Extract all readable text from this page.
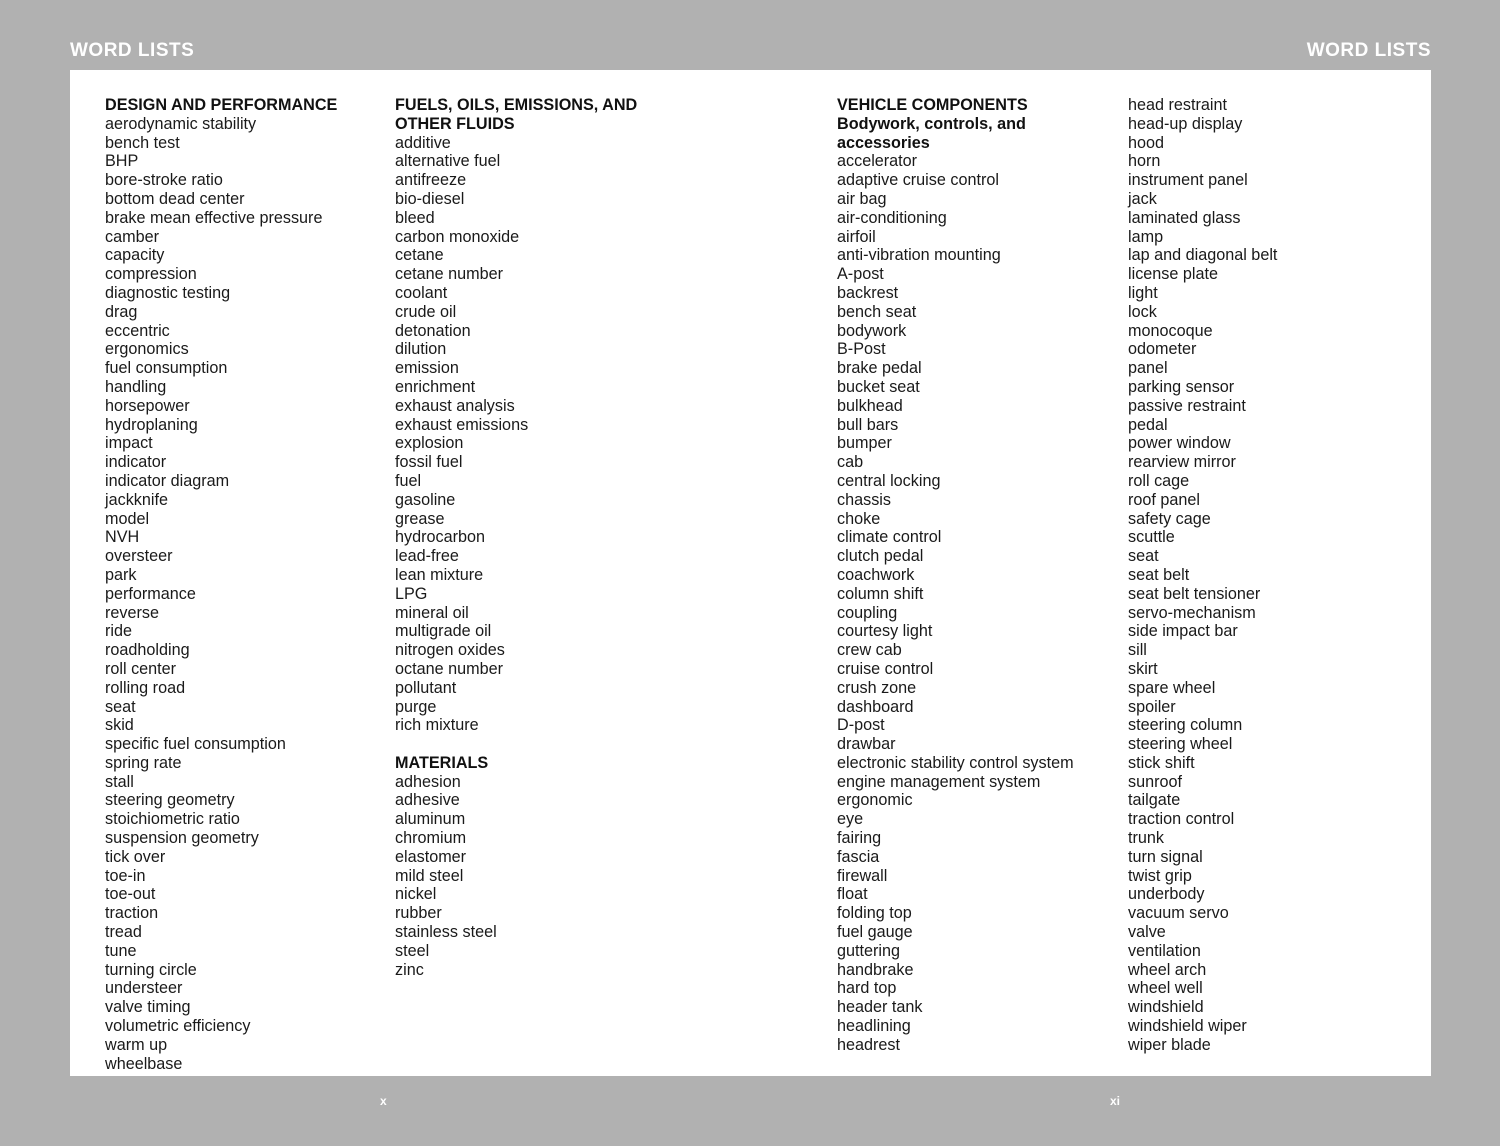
WORD LISTS	WORD LISTS
DESIGN AND PERFORMANCE
aerodynamic stability
bench test
BHP
bore-stroke ratio
bottom dead center
brake mean effective pressure
camber
capacity
compression
diagnostic testing
drag
eccentric
ergonomics
fuel consumption
handling
horsepower
hydroplaning
impact
indicator
indicator diagram
jackknife
model
NVH
oversteer
park
performance
reverse
ride
roadholding
roll center
rolling road
seat
skid
specific fuel consumption
spring rate
stall
steering geometry
stoichiometric ratio
suspension geometry
tick over
toe-in
toe-out
traction
tread
tune
turning circle
understeer
valve timing
volumetric efficiency
warm up
wheelbase
FUELS, OILS, EMISSIONS, AND
OTHER FLUIDS
additive
alternative fuel
antifreeze
bio-diesel
bleed
carbon monoxide
cetane
cetane number
coolant
crude oil
detonation
dilution
emission
enrichment
exhaust analysis
exhaust emissions
explosion
fossil fuel
fuel
gasoline
grease
hydrocarbon
lead-free
lean mixture
LPG
mineral oil
multigrade oil
nitrogen oxides
octane number
pollutant
purge
rich mixture
MATERIALS
adhesion
adhesive
aluminum
chromium
elastomer
mild steel
nickel
rubber
stainless steel
steel
zinc
VEHICLE COMPONENTS
Bodywork, controls, and
accessories
accelerator
adaptive cruise control
air bag
air-conditioning
airfoil
anti-vibration mounting
A-post
backrest
bench seat
bodywork
B-Post
brake pedal
bucket seat
bulkhead
bull bars
bumper
cab
central locking
chassis
choke
climate control
clutch pedal
coachwork
column shift
coupling
courtesy light
crew cab
cruise control
crush zone
dashboard
D-post
drawbar
electronic stability control system
engine management system
ergonomic
eye
fairing
fascia
firewall
float
folding top
fuel gauge
guttering
handbrake
hard top
header tank
headlining
headrest
head restraint
head-up display
hood
horn
instrument panel
jack
laminated glass
lamp
lap and diagonal belt
license plate
light
lock
monocoque
odometer
panel
parking sensor
passive restraint
pedal
power window
rearview mirror
roll cage
roof panel
safety cage
scuttle
seat
seat belt
seat belt tensioner
servo-mechanism
side impact bar
sill
skirt
spare wheel
spoiler
steering column
steering wheel
stick shift
sunroof
tailgate
traction control
trunk
turn signal
twist grip
underbody
vacuum servo
valve
ventilation
wheel arch
wheel well
windshield
windshield wiper
wiper blade
x	xi
